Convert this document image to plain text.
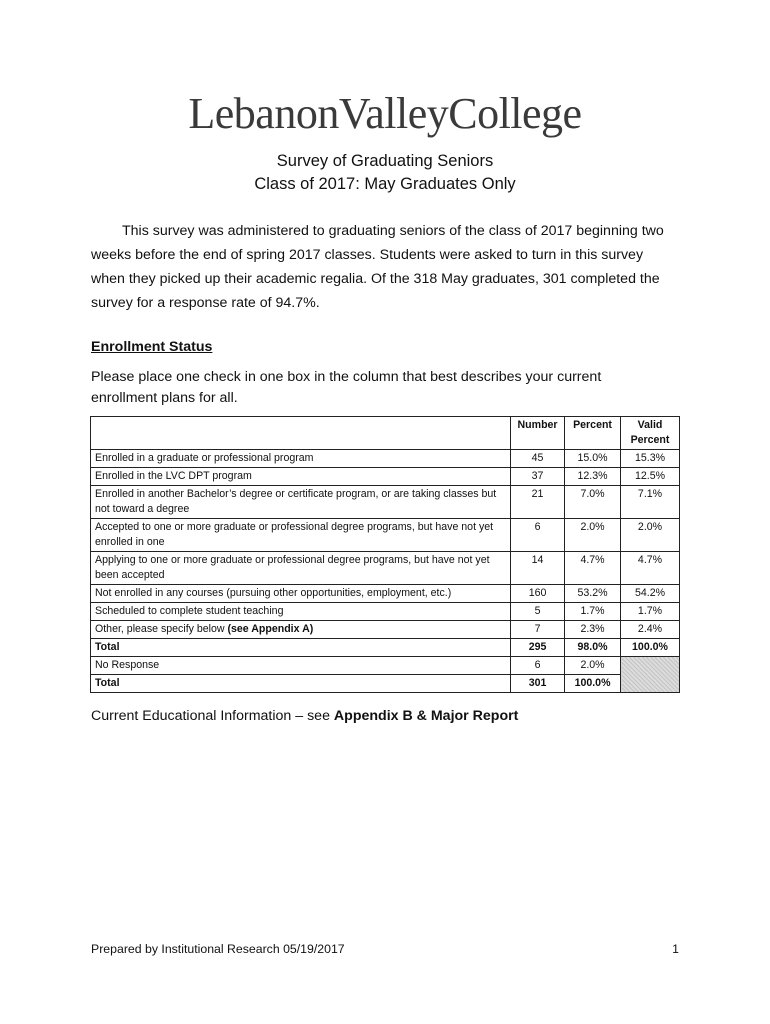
LebanonValleyCollege
Survey of Graduating Seniors
Class of 2017: May Graduates Only

This survey was administered to graduating seniors of the class of 2017 beginning two weeks before the end of spring 2017 classes. Students were asked to turn in this survey when they picked up their academic regalia. Of the 318 May graduates, 301 completed the survey for a response rate of 94.7%.

Enrollment Status

Please place one check in one box in the column that best describes your current enrollment plans for all.

	Number	Percent	Valid
Percent

Enrolled in a graduate or professional program	45	15.0%	15.3%
Enrolled in the LVC DPT program	37	12.3%	12.5%
Enrolled in another Bachelor’s degree or certificate program, or are taking classes but not toward a degree	21	7.0%	7.1%
Accepted to one or more graduate or professional degree programs, but have not yet enrolled in one	6	2.0%	2.0%
Applying to one or more graduate or professional degree programs, but have not yet been accepted	14	4.7%	4.7%
Not enrolled in any courses (pursuing other opportunities, employment, etc.)	160	53.2%	54.2%
Scheduled to complete student teaching	5	1.7%	1.7%
Other, please specify below (see Appendix A)	7	2.3%	2.4%
Total	295	98.0%	100.0%
No Response	6	2.0%	
Total	301	100.0%	
Current Educational Information – see Appendix B & Major Report
Prepared by Institutional Research 05/19/2017	1
